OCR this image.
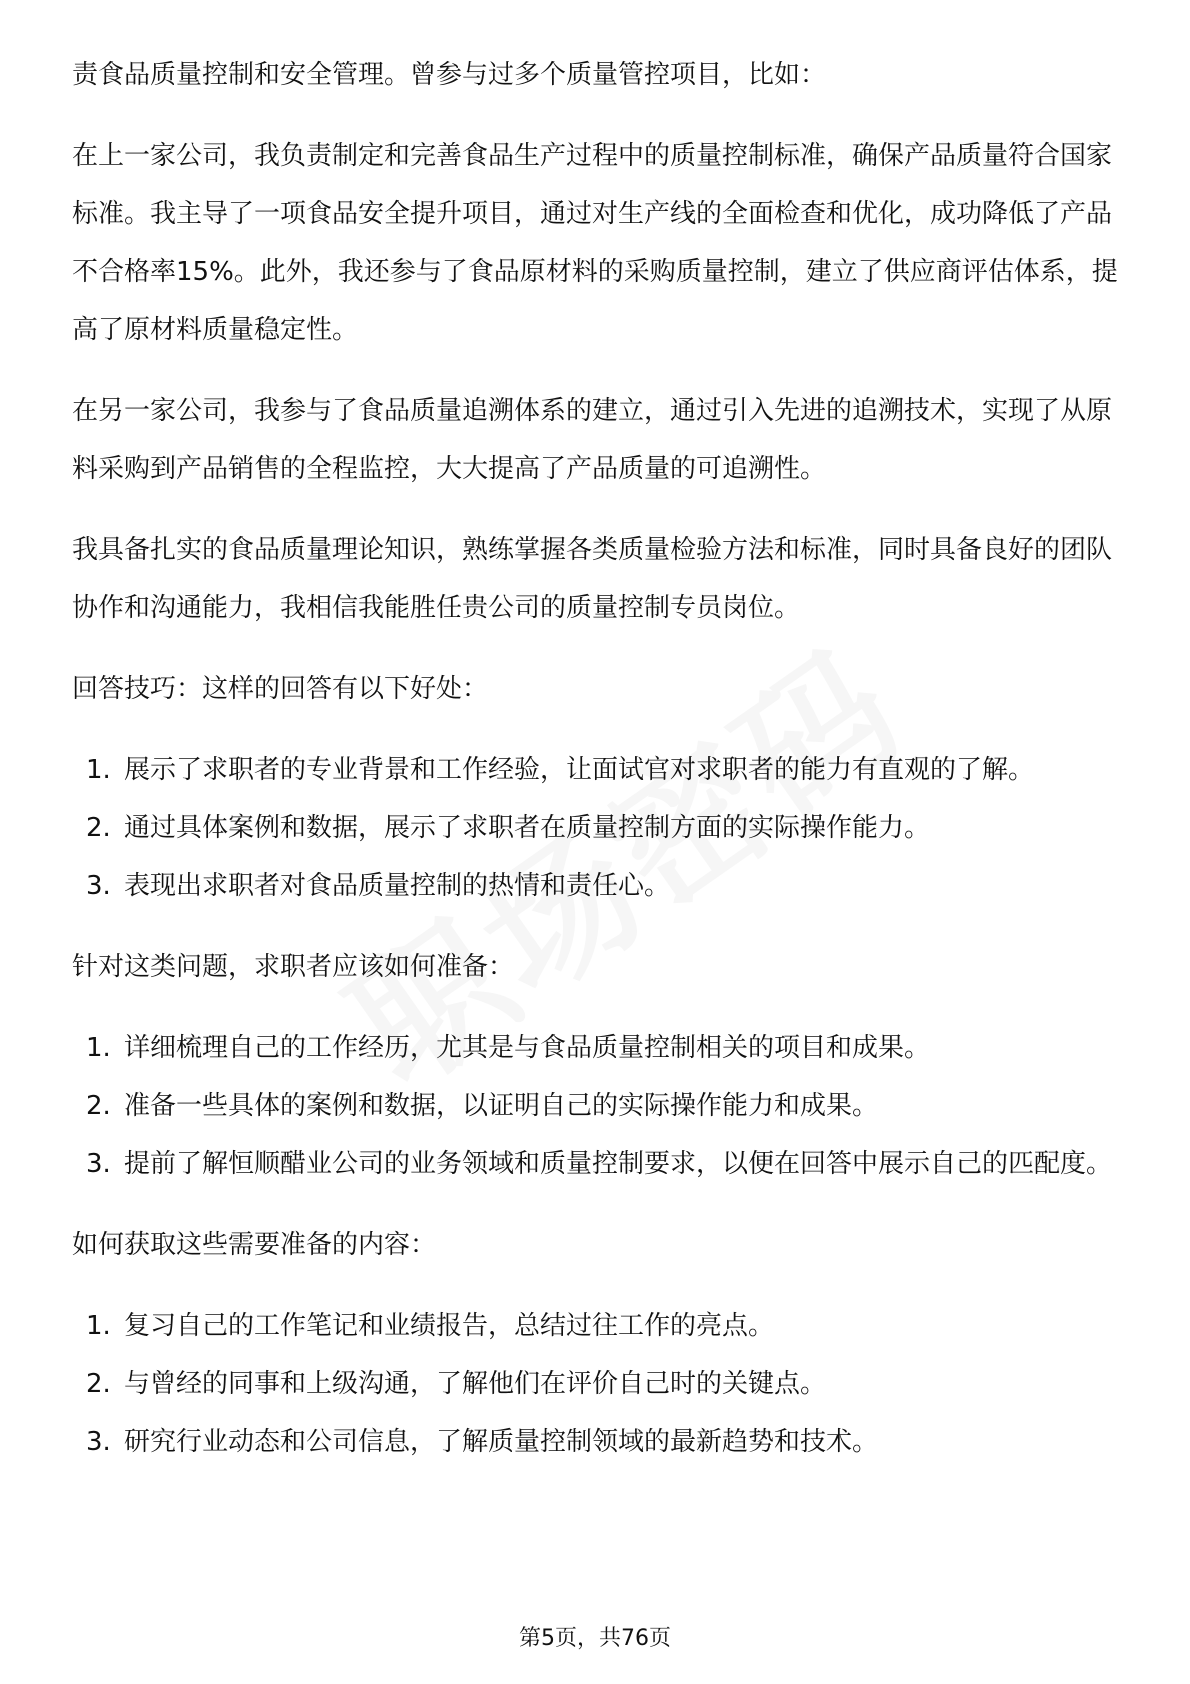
责食品质量控制和安全管理。曾参与过多个质量管控项目，比如：

在上一家公司，我负责制定和完善食品生产过程中的质量控制标准，确保产品质量符合国家标准。我主导了一项食品安全提升项目，通过对生产线的全面检查和优化，成功降低了产品不合格率15%。此外，我还参与了食品原材料的采购质量控制，建立了供应商评估体系，提高了原材料质量稳定性。

在另一家公司，我参与了食品质量追溯体系的建立，通过引入先进的追溯技术，实现了从原料采购到产品销售的全程监控，大大提高了产品质量的可追溯性。

我具备扎实的食品质量理论知识，熟练掌握各类质量检验方法和标准，同时具备良好的团队协作和沟通能力，我相信我能胜任贵公司的质量控制专员岗位。

回答技巧：这样的回答有以下好处：

1. 展示了求职者的专业背景和工作经验，让面试官对求职者的能力有直观的了解。
2. 通过具体案例和数据，展示了求职者在质量控制方面的实际操作能力。
3. 表现出求职者对食品质量控制的热情和责任心。

针对这类问题，求职者应该如何准备：

1. 详细梳理自己的工作经历，尤其是与食品质量控制相关的项目和成果。
2. 准备一些具体的案例和数据，以证明自己的实际操作能力和成果。
3. 提前了解恒顺醋业公司的业务领域和质量控制要求，以便在回答中展示自己的匹配度。

如何获取这些需要准备的内容：

1. 复习自己的工作笔记和业绩报告，总结过往工作的亮点。
2. 与曾经的同事和上级沟通，了解他们在评价自己时的关键点。
3. 研究行业动态和公司信息，了解质量控制领域的最新趋势和技术。
第5页，共76页
